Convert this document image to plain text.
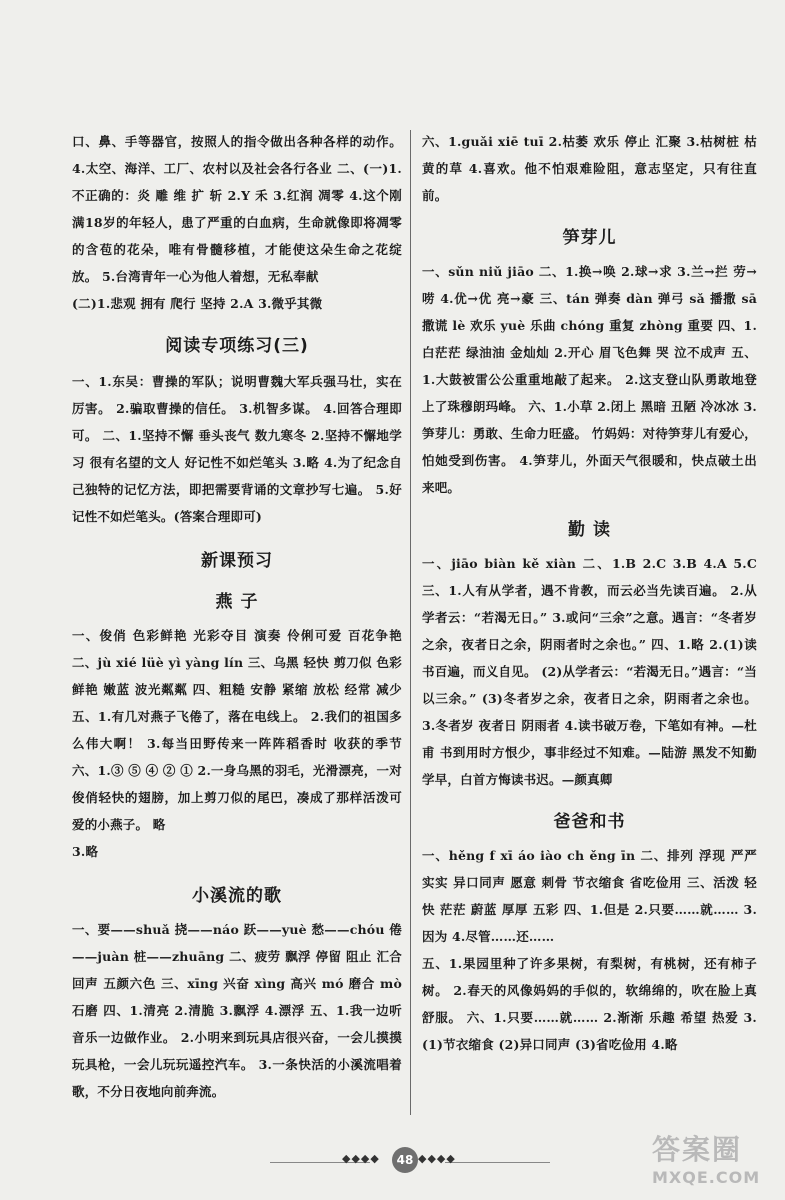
口、鼻、手等器官，按照人的指令做出各种各样的动作。4.太空、海洋、工厂、农村以及社会各行各业 二、(一)1.不正确的：炎 雕 维 扩 斩 2.Y 禾 3.红润 凋零 4.这个刚满18岁的年轻人，患了严重的白血病，生命就像即将凋零的含苞的花朵，唯有骨髓移植，才能使这朵生命之花绽放。 5.台湾青年一心为他人着想，无私奉献

(二)1.悲观 拥有 爬行 坚持 2.A 3.微乎其微

阅读专项练习(三)

一、1.东吴：曹操的军队；说明曹魏大军兵强马壮，实在厉害。 2.骗取曹操的信任。 3.机智多谋。 4.回答合理即可。 二、1.坚持不懈 垂头丧气 数九寒冬 2.坚持不懈地学习 很有名望的文人 好记性不如烂笔头 3.略 4.为了纪念自己独特的记忆方法，即把需要背诵的文章抄写七遍。 5.好记性不如烂笔头。(答案合理即可)

新课预习
燕 子

一、俊俏 色彩鲜艳 光彩夺目 演奏 伶俐可爱 百花争艳 二、jù xié lüè yì yàng lín 三、乌黑 轻快 剪刀似 色彩鲜艳 嫩蓝 波光粼粼 四、粗糙 安静 紧缩 放松 经常 减少 五、1.有几对燕子飞倦了，落在电线上。 2.我们的祖国多么伟大啊！ 3.每当田野传来一阵阵稻香时 收获的季节 六、1.③ ⑤ ④ ② ① 2.一身乌黑的羽毛，光滑漂亮，一对俊俏轻快的翅膀，加上剪刀似的尾巴，凑成了那样活泼可爱的小燕子。 略

3.略

小溪流的歌

一、要——shuǎ 挠——náo 跃——yuè 愁——chóu 倦——juàn 桩——zhuāng 二、疲劳 飘浮 停留 阻止 汇合 回声 五颜六色 三、xīng 兴奋 xìng 高兴 mó 磨合 mò 石磨 四、1.清亮 2.清脆 3.飘浮 4.漂浮 五、1.我一边听音乐一边做作业。 2.小明来到玩具店很兴奋，一会儿摸摸玩具枪，一会儿玩玩遥控汽车。 3.一条快活的小溪流唱着歌，不分日夜地向前奔流。

六、1.guǎi xiē tuī 2.枯萎 欢乐 停止 汇聚 3.枯树桩 枯黄的草 4.喜欢。他不怕艰难险阻，意志坚定，只有往直前。

笋芽儿

一、sǔn niǔ jiāo 二、1.换→唤 2.球→求 3.兰→拦 劳→唠 4.优→优 亮→豪 三、tán 弹奏 dàn 弹弓 sǎ 播撒 sā 撒谎 lè 欢乐 yuè 乐曲 chóng 重复 zhòng 重要 四、1.白茫茫 绿油油 金灿灿 2.开心 眉飞色舞 哭 泣不成声 五、1.大鼓被雷公公重重地敲了起来。 2.这支登山队勇敢地登上了珠穆朗玛峰。 六、1.小草 2.闭上 黑暗 丑陋 冷冰冰 3.笋芽儿：勇敢、生命力旺盛。 竹妈妈：对待笋芽儿有爱心，怕她受到伤害。 4.笋芽儿，外面天气很暖和，快点破土出来吧。

勤 读

一、jiāo biàn kě xiàn 二、1.B 2.C 3.B 4.A 5.C 三、1.人有从学者，遇不肯教，而云必当先读百遍。 2.从学者云：“若渴无日。” 3.或问“三余”之意。遇言：“冬者岁之余，夜者日之余，阴雨者时之余也。” 四、1.略 2.(1)读书百遍，而义自见。 (2)从学者云：“若渴无日。”遇言：“当以三余。” (3)冬者岁之余，夜者日之余，阴雨者之余也。 3.冬者岁 夜者日 阴雨者 4.读书破万卷，下笔如有神。—杜甫 书到用时方恨少，事非经过不知难。—陆游 黑发不知勤学早，白首方悔读书迟。—颜真卿

爸爸和书

一、hěng f xī áo iào ch ěng īn 二、排列 浮现 严严实实 异口同声 愿意 刺骨 节衣缩食 省吃俭用 三、活泼 轻快 茫茫 蔚蓝 厚厚 五彩 四、1.但是 2.只要……就…… 3.因为 4.尽管……还……

五、1.果园里种了许多果树，有梨树，有桃树，还有柿子树。 2.春天的风像妈妈的手似的，软绵绵的，吹在脸上真舒服。 六、1.只要……就…… 2.渐渐 乐趣 希望 热爱 3.(1)节衣缩食 (2)异口同声 (3)省吃俭用 4.略

◆◆◆◆	◆◆◆◆
48	答案圈
MXQE.COM
